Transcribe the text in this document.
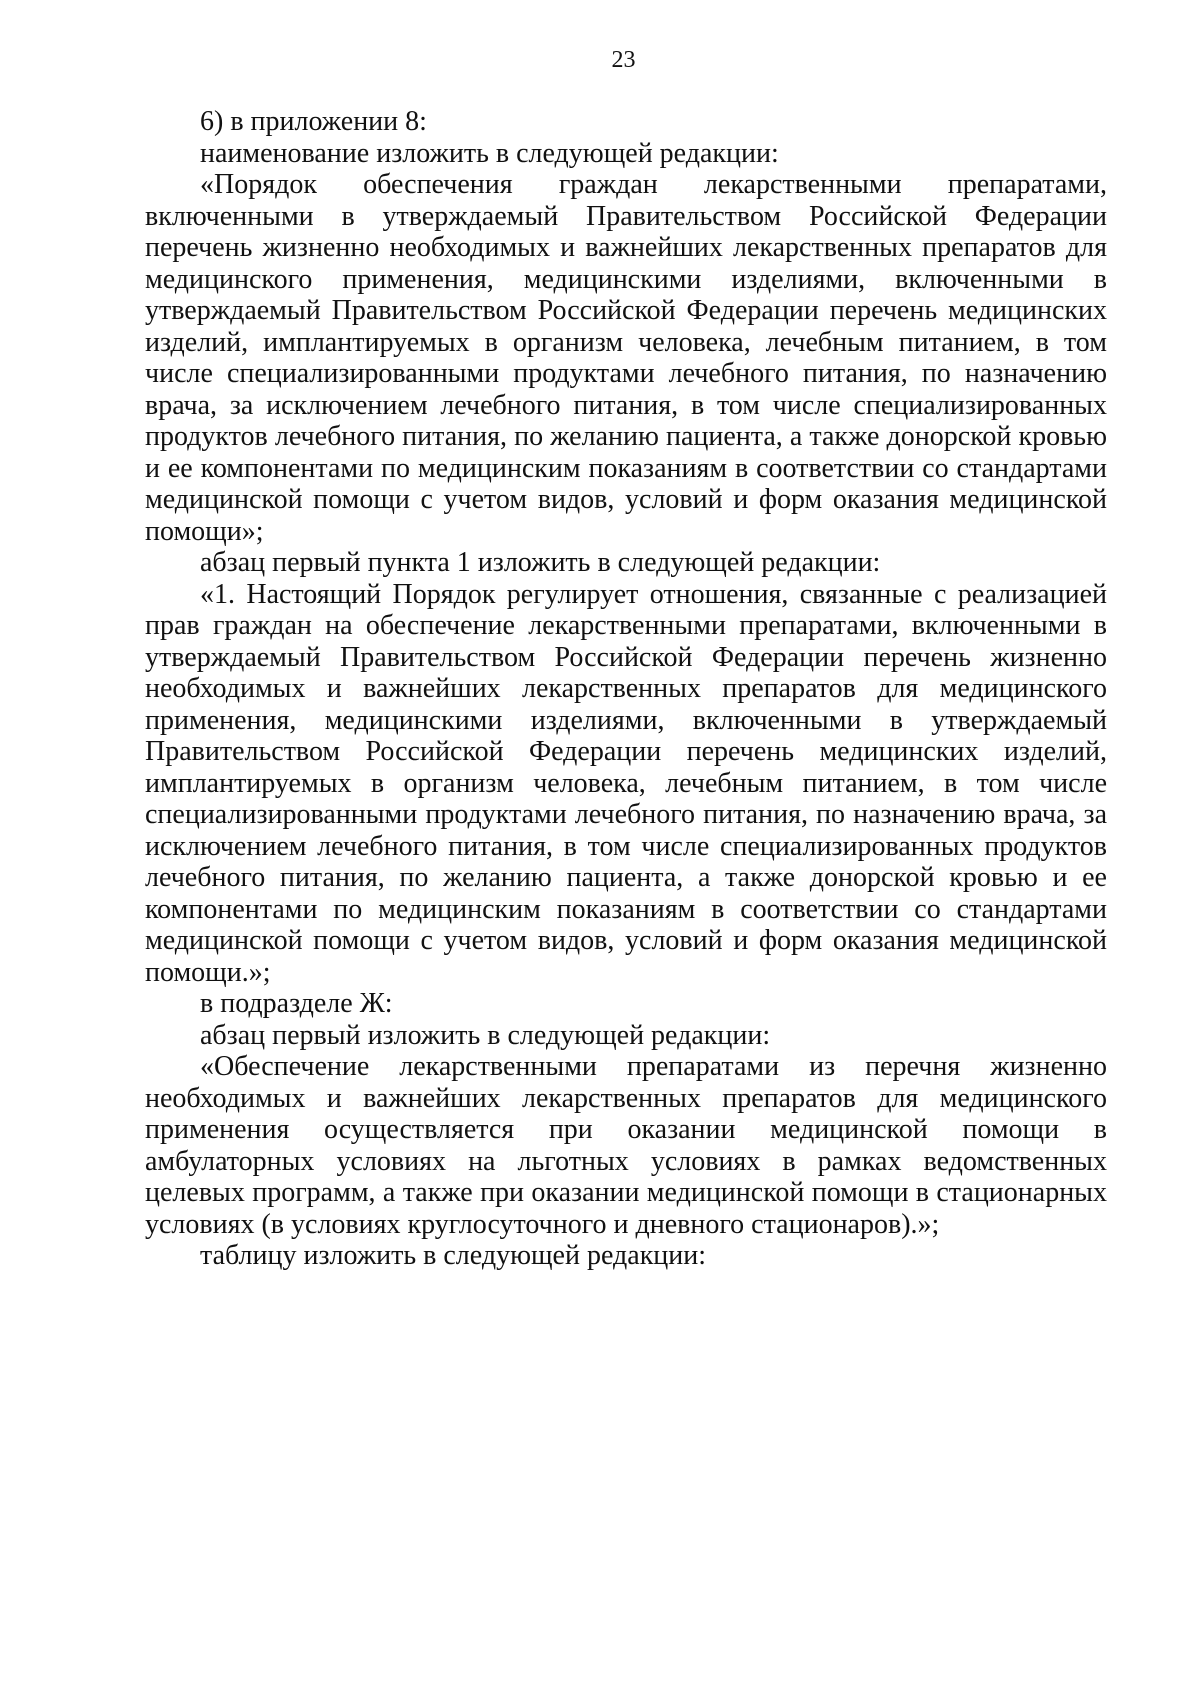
23

6) в приложении 8:

наименование изложить в следующей редакции:

«Порядок обеспечения граждан лекарственными препаратами, включенными в утверждаемый Правительством Российской Федерации перечень жизненно необходимых и важнейших лекарственных препаратов для медицинского применения, медицинскими изделиями, включенными в утверждаемый Правительством Российской Федерации перечень медицинских изделий, имплантируемых в организм человека, лечебным питанием, в том числе специализированными продуктами лечебного питания, по назначению врача, за исключением лечебного питания, в том числе специализированных продуктов лечебного питания, по желанию пациента, а также донорской кровью и ее компонентами по медицинским показаниям в соответствии со стандартами медицинской помощи с учетом видов, условий и форм оказания медицинской помощи»;

абзац первый пункта 1 изложить в следующей редакции:

«1. Настоящий Порядок регулирует отношения, связанные с реализацией прав граждан на обеспечение лекарственными препаратами, включенными в утверждаемый Правительством Российской Федерации перечень жизненно необходимых и важнейших лекарственных препаратов для медицинского применения, медицинскими изделиями, включенными в утверждаемый Правительством Российской Федерации перечень медицинских изделий, имплантируемых в организм человека, лечебным питанием, в том числе специализированными продуктами лечебного питания, по назначению врача, за исключением лечебного питания, в том числе специализированных продуктов лечебного питания, по желанию пациента, а также донорской кровью и ее компонентами по медицинским показаниям в соответствии со стандартами медицинской помощи с учетом видов, условий и форм оказания медицинской помощи.»;

в подразделе Ж:

абзац первый изложить в следующей редакции:

«Обеспечение лекарственными препаратами из перечня жизненно необходимых и важнейших лекарственных препаратов для медицинского применения осуществляется при оказании медицинской помощи в амбулаторных условиях на льготных условиях в рамках ведомственных целевых программ, а также при оказании медицинской помощи в стационарных условиях (в условиях круглосуточного и дневного стационаров).»;

таблицу изложить в следующей редакции:
